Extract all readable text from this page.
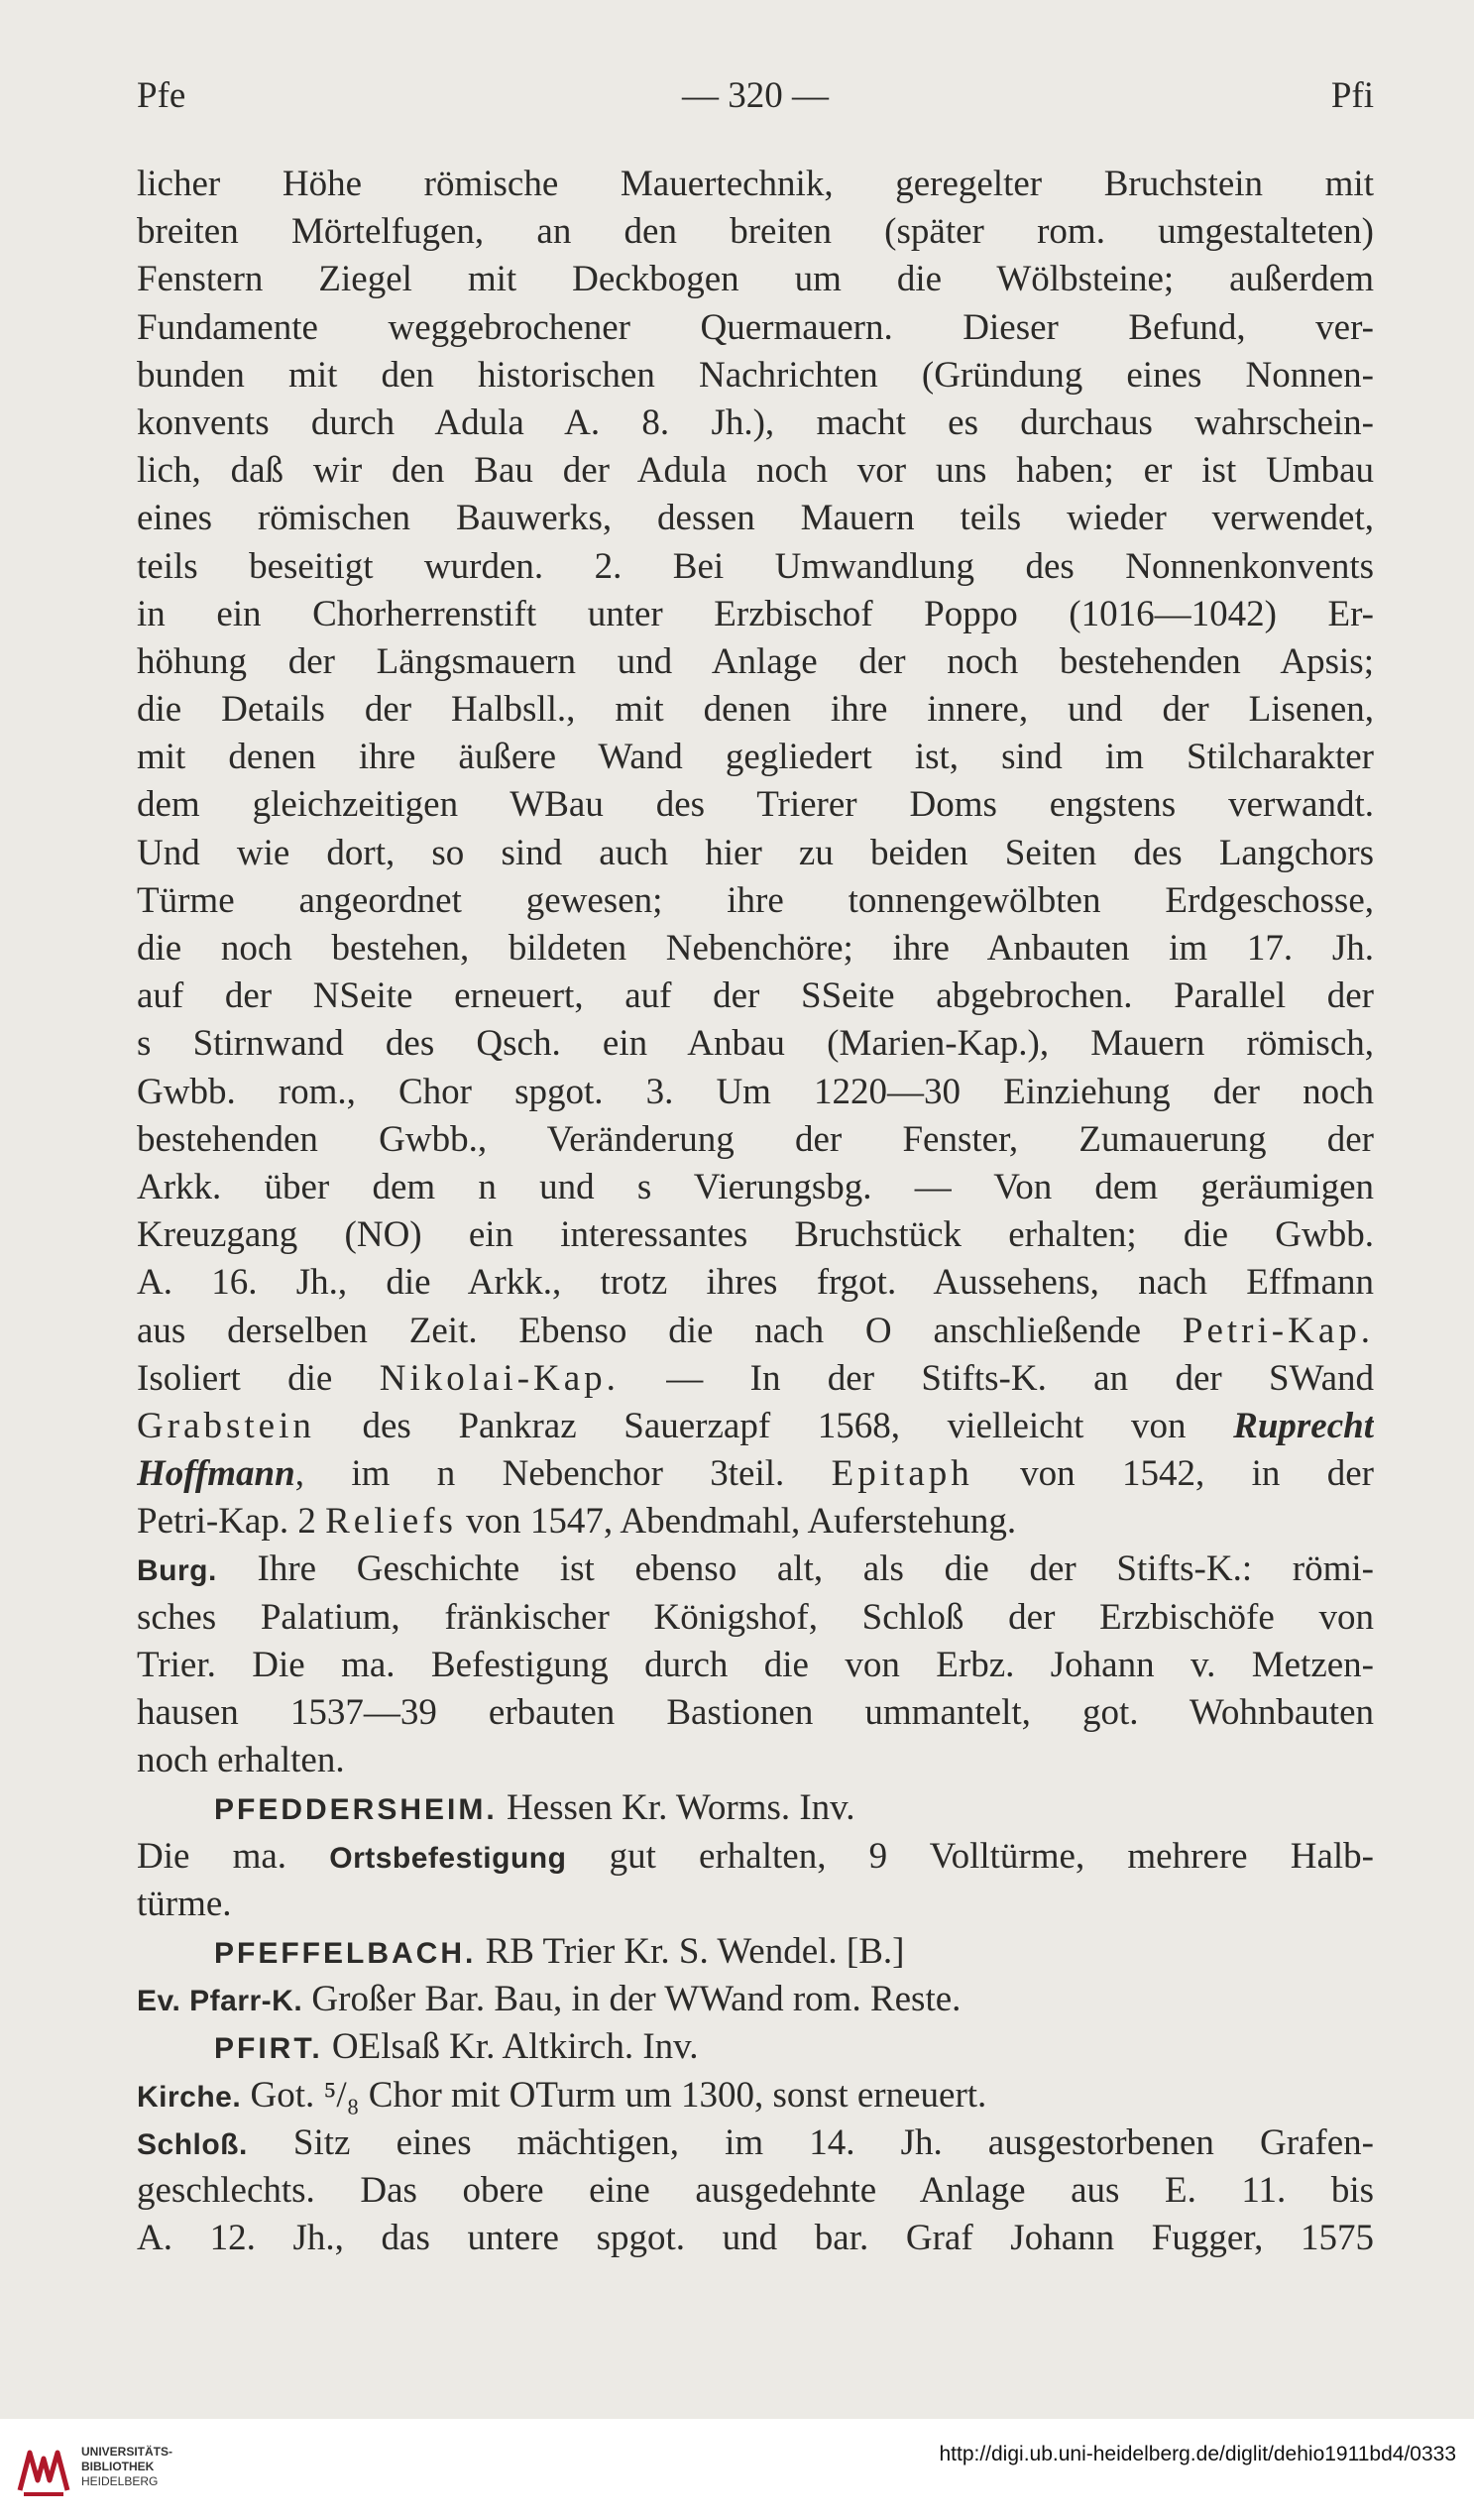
Pfe	— 320 —	Pfi
licher Höhe römische Mauertechnik, geregelter Bruchstein mit
breiten Mörtelfugen, an den breiten (später rom. umgestalteten)
Fenstern Ziegel mit Deckbogen um die Wölbsteine; außerdem
Fundamente weggebrochener Quermauern. Dieser Befund, ver-
bunden mit den historischen Nachrichten (Gründung eines Nonnen-
konvents durch Adula A. 8. Jh.), macht es durchaus wahrschein-
lich, daß wir den Bau der Adula noch vor uns haben; er ist Umbau
eines römischen Bauwerks, dessen Mauern teils wieder verwendet,
teils beseitigt wurden. 2. Bei Umwandlung des Nonnenkonvents
in ein Chorherrenstift unter Erzbischof Poppo (1016—1042) Er-
höhung der Längsmauern und Anlage der noch bestehenden Apsis;
die Details der Halbsll., mit denen ihre innere, und der Lisenen,
mit denen ihre äußere Wand gegliedert ist, sind im Stilcharakter
dem gleichzeitigen WBau des Trierer Doms engstens verwandt.
Und wie dort, so sind auch hier zu beiden Seiten des Langchors
Türme angeordnet gewesen; ihre tonnengewölbten Erdgeschosse,
die noch bestehen, bildeten Nebenchöre; ihre Anbauten im 17. Jh.
auf der NSeite erneuert, auf der SSeite abgebrochen. Parallel der
s Stirnwand des Qsch. ein Anbau (Marien-Kap.), Mauern römisch,
Gwbb. rom., Chor spgot. 3. Um 1220—30 Einziehung der noch
bestehenden Gwbb., Veränderung der Fenster, Zumauerung der
Arkk. über dem n und s Vierungsbg. — Von dem geräumigen
Kreuzgang (NO) ein interessantes Bruchstück erhalten; die Gwbb.
A. 16. Jh., die Arkk., trotz ihres frgot. Aussehens, nach Effmann
aus derselben Zeit. Ebenso die nach O anschließende Petri-Kap.
Isoliert die Nikolai-Kap. — In der Stifts-K. an der SWand
Grabstein des Pankraz Sauerzapf 1568, vielleicht von Ruprecht
Hoffmann, im n Nebenchor 3teil. Epitaph von 1542, in der
Petri-Kap. 2 Reliefs von 1547, Abendmahl, Auferstehung.
Burg. Ihre Geschichte ist ebenso alt, als die der Stifts-K.: römi-
sches Palatium, fränkischer Königshof, Schloß der Erzbischöfe von
Trier. Die ma. Befestigung durch die von Erbz. Johann v. Metzen-
hausen 1537—39 erbauten Bastionen ummantelt, got. Wohnbauten
noch erhalten.
PFEDDERSHEIM. Hessen Kr. Worms. Inv.
Die ma. Ortsbefestigung gut erhalten, 9 Volltürme, mehrere Halb-
türme.
PFEFFELBACH. RB Trier Kr. S. Wendel. [B.]
Ev. Pfarr-K. Großer Bar. Bau, in der WWand rom. Reste.
PFIRT. OElsaß Kr. Altkirch. Inv.
Kirche. Got. ⁵/₈ Chor mit OTurm um 1300, sonst erneuert.
Schloß. Sitz eines mächtigen, im 14. Jh. ausgestorbenen Grafen-
geschlechts. Das obere eine ausgedehnte Anlage aus E. 11. bis
A. 12. Jh., das untere spgot. und bar. Graf Johann Fugger, 1575
UNIVERSITÄTS-
BIBLIOTHEK
HEIDELBERG
http://digi.ub.uni-heidelberg.de/diglit/dehio1911bd4/0333
